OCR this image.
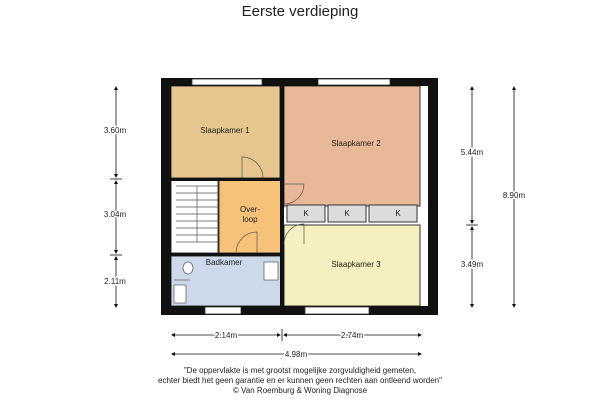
Eerste verdieping
Slaapkamer 1
Slaapkamer 2
Slaapkamer 3
Over-
loop
Badkamer
K	K	K
3.60m
3.04m
2.11m
5.44m
3.49m
8.90m
2.14m	2.74m
4.98m
"De oppervlakte is met grootst mogelijke zorgvuldigheid gemeten,
echter biedt het geen garantie en er kunnen geen rechten aan ontleend worden"
© Van Roemburg & Woning Diagnose
